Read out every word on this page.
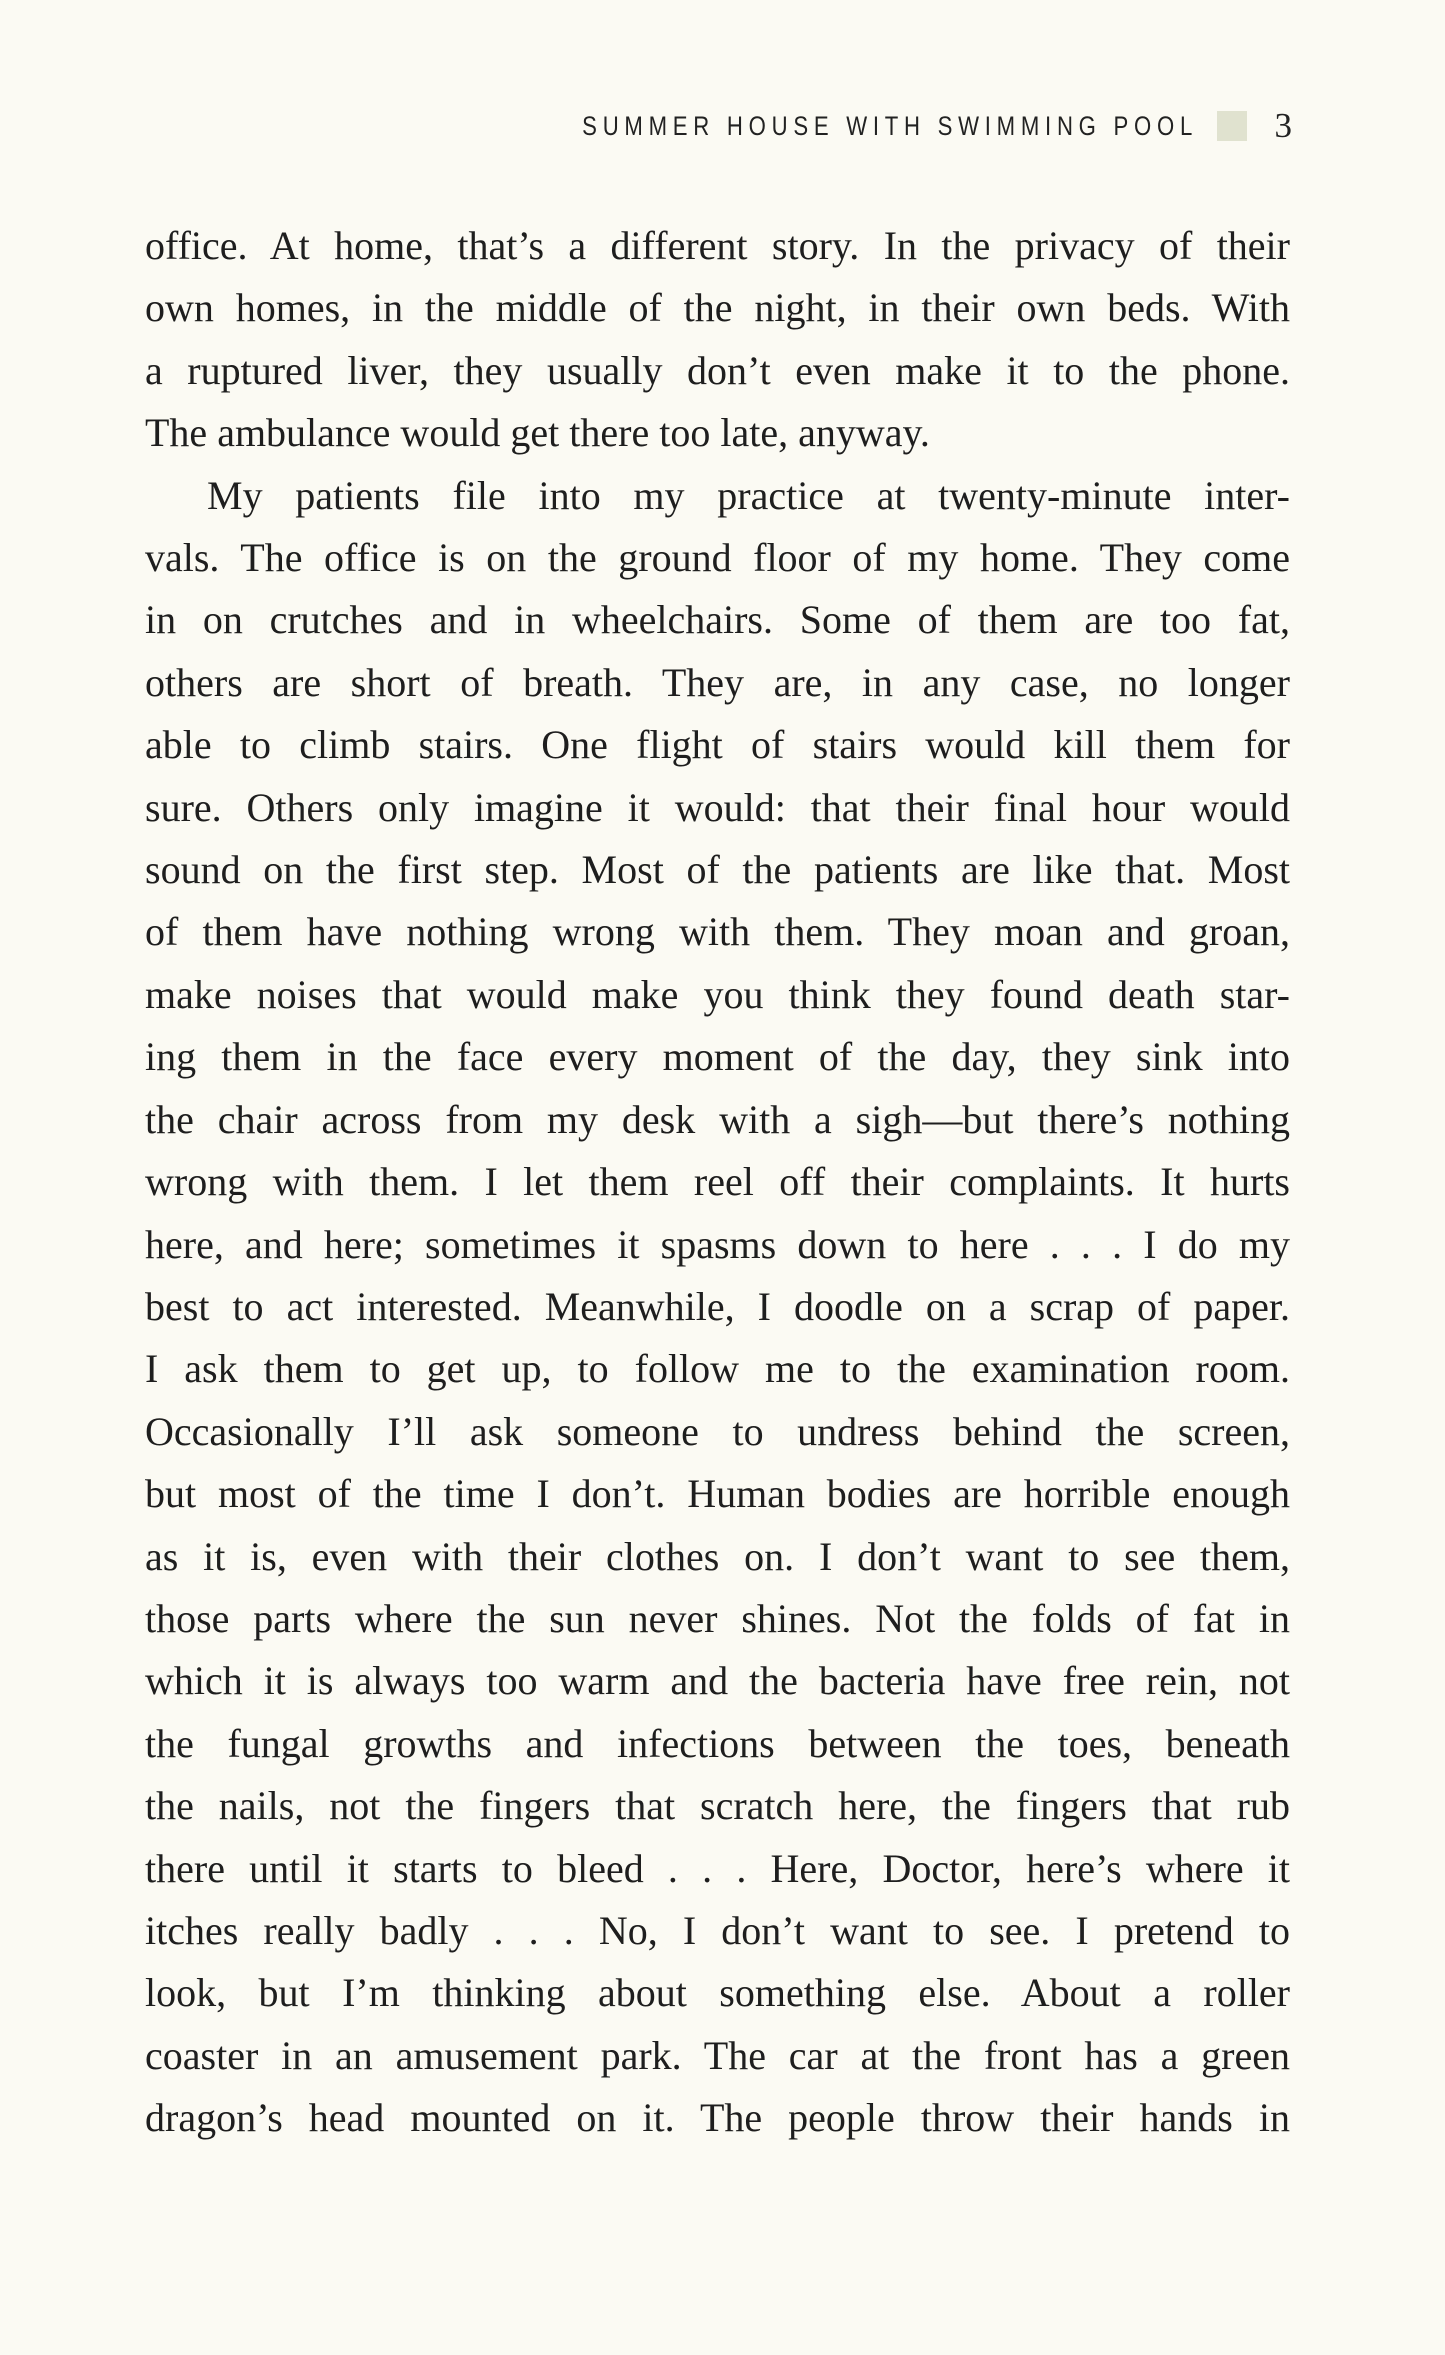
SUMMER HOUSE WITH SWIMMING POOL 3

office. At home, that’s a different story. In the privacy of their
own homes, in the middle of the night, in their own beds. With
a ruptured liver, they usually don’t even make it to the phone.
The ambulance would get there too late, anyway.

My patients file into my practice at twenty-minute inter-
vals. The office is on the ground floor of my home. They come
in on crutches and in wheelchairs. Some of them are too fat,
others are short of breath. They are, in any case, no longer
able to climb stairs. One flight of stairs would kill them for
sure. Others only imagine it would: that their final hour would
sound on the first step. Most of the patients are like that. Most
of them have nothing wrong with them. They moan and groan,
make noises that would make you think they found death star-
ing them in the face every moment of the day, they sink into
the chair across from my desk with a sigh—but there’s nothing
wrong with them. I let them reel off their complaints. It hurts
here, and here; sometimes it spasms down to here . . . I do my
best to act interested. Meanwhile, I doodle on a scrap of paper.
I ask them to get up, to follow me to the examination room.
Occasionally I’ll ask someone to undress behind the screen,
but most of the time I don’t. Human bodies are horrible enough
as it is, even with their clothes on. I don’t want to see them,
those parts where the sun never shines. Not the folds of fat in
which it is always too warm and the bacteria have free rein, not
the fungal growths and infections between the toes, beneath
the nails, not the fingers that scratch here, the fingers that rub
there until it starts to bleed . . . Here, Doctor, here’s where it
itches really badly . . . No, I don’t want to see. I pretend to
look, but I’m thinking about something else. About a roller
coaster in an amusement park. The car at the front has a green
dragon’s head mounted on it. The people throw their hands in
